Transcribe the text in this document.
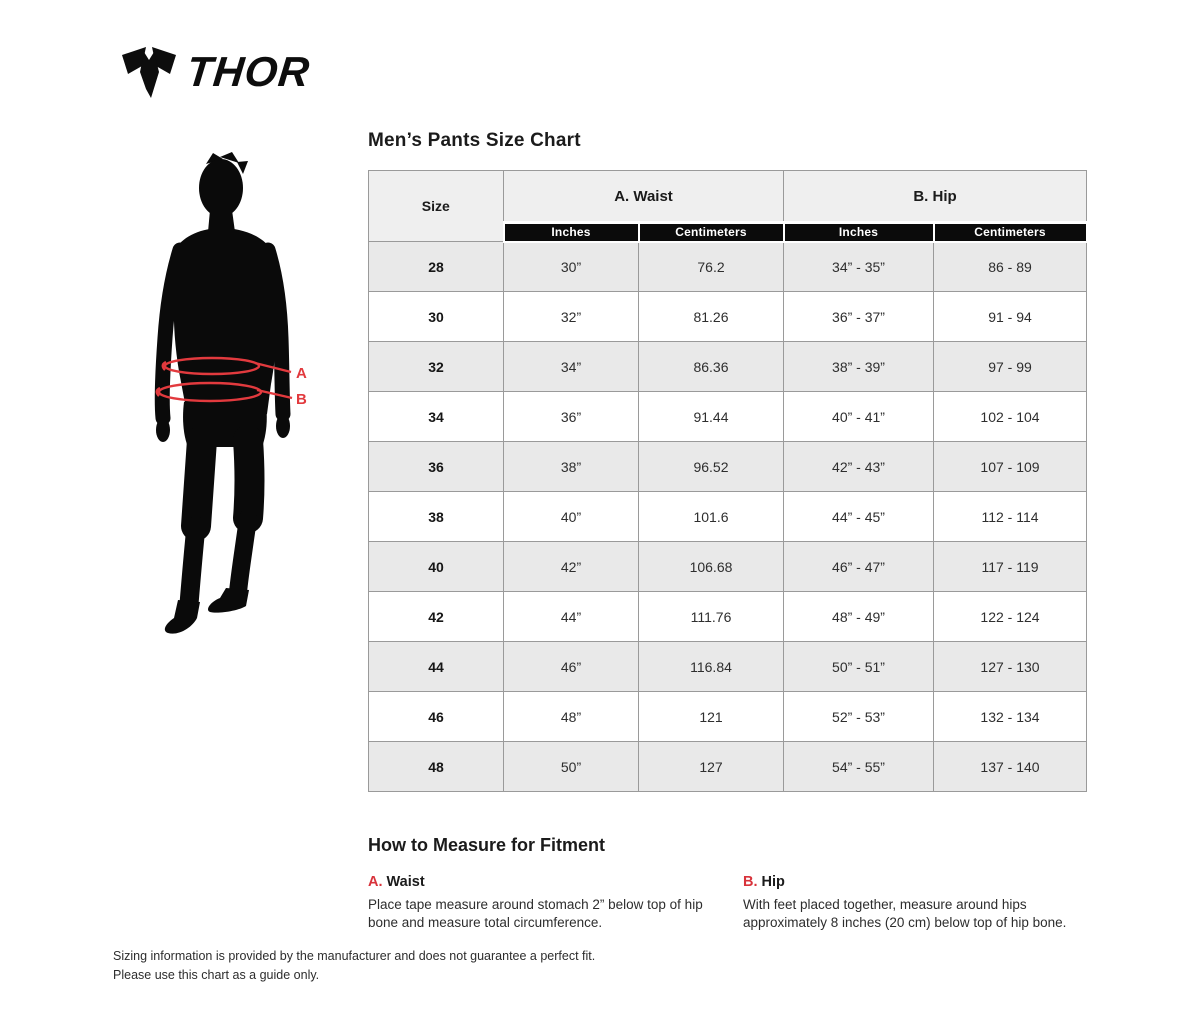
THOR
Men’s Pants Size Chart
A
B
Size	A. Waist		B. Hip	
	Inches	Centimeters	Inches	Centimeters
28	30”	76.2	34” - 35”	86 - 89
30	32”	81.26	36” - 37”	91 - 94
32	34”	86.36	38” - 39”	97 - 99
34	36”	91.44	40” - 41”	102 - 104
36	38”	96.52	42” - 43”	107 - 109
38	40”	101.6	44” - 45”	112 - 114
40	42”	106.68	46” - 47”	117 - 119
42	44”	111.76	48” - 49”	122 - 124
44	46”	116.84	50” - 51”	127 - 130
46	48”	121	52” - 53”	132 - 134
48	50”	127	54” - 55”	137 - 140
How to Measure for Fitment
A. Waist
Place tape measure around stomach 2” below top of hip bone and measure total circumference.
B. Hip
With feet placed together, measure around hips approximately 8 inches (20 cm) below top of hip bone.
Sizing information is provided by the manufacturer and does not guarantee a perfect fit.
Please use this chart as a guide only.
